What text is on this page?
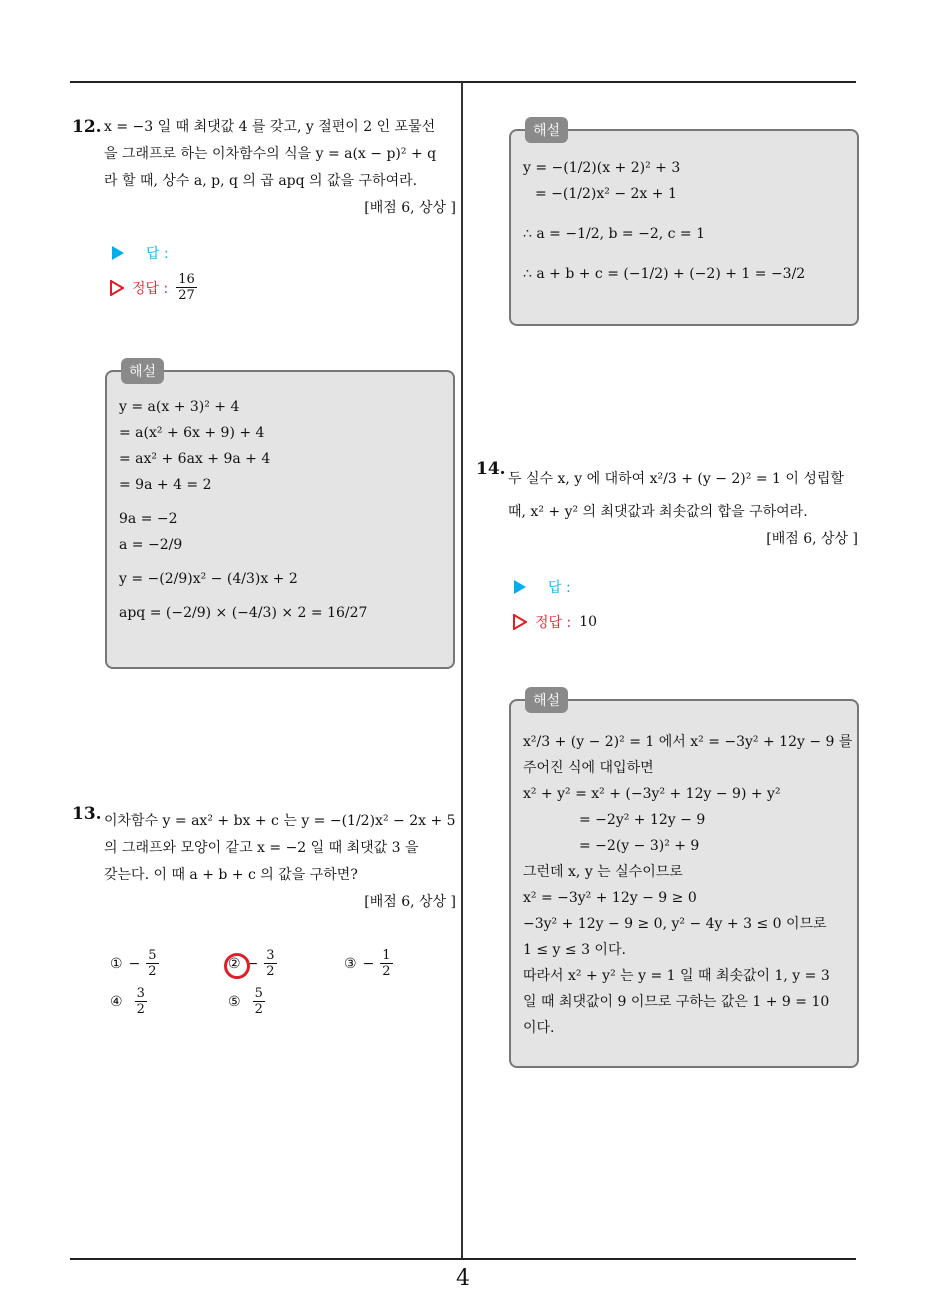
4
12. x = −3 일 때 최댓값 4 를 갖고, y 절편이 2 인 포물선
을 그래프로 하는 이차함수의 식을 y = a(x − p)² + q
라 할 때, 상수 a, p, q 의 곱 apq 의 값을 구하여라.
[배점 6, 상상 ]
답 :
정답 : $\frac{16}{27}$
해설
y = a(x + 3)² + 4
= a(x² + 6x + 9) + 4
= ax² + 6ax + 9a + 4
= 9a + 4 = 2
9a = −2
a = −2/9
y = −(2/9)x² − (4/3)x + 2
apq = (−2/9) × (−4/3) × 2 = 16/27
13. 이차함수 y = ax² + bx + c 는 y = −(1/2)x² − 2x + 5
의 그래프와 모양이 같고 x = −2 일 때 최댓값 3 을
갖는다. 이 때 a + b + c 의 값을 구하면?
[배점 6, 상상 ]
① − $\frac{5}{2}$	② − $\frac{3}{2}$	③ − $\frac{1}{2}$
④ $\frac{3}{2}$	⑤ $\frac{5}{2}$
해설
y = −(1/2)(x + 2)² + 3
= −(1/2)x² − 2x + 1
∴ a = −1/2, b = −2, c = 1
∴ a + b + c = (−1/2) + (−2) + 1 = −3/2
14. 두 실수 x, y 에 대하여 x²/3 + (y − 2)² = 1 이 성립할
때, x² + y² 의 최댓값과 최솟값의 합을 구하여라.
[배점 6, 상상 ]
답 :
정답 : 10
해설
x²/3 + (y − 2)² = 1 에서 x² = −3y² + 12y − 9 를
주어진 식에 대입하면
x² + y² = x² + (−3y² + 12y − 9) + y²
= −2y² + 12y − 9
= −2(y − 3)² + 9
그런데 x, y 는 실수이므로
x² = −3y² + 12y − 9 ≥ 0
−3y² + 12y − 9 ≥ 0, y² − 4y + 3 ≤ 0 이므로
1 ≤ y ≤ 3 이다.
따라서 x² + y² 는 y = 1 일 때 최솟값이 1, y = 3
일 때 최댓값이 9 이므로 구하는 값은 1 + 9 = 10
이다.
